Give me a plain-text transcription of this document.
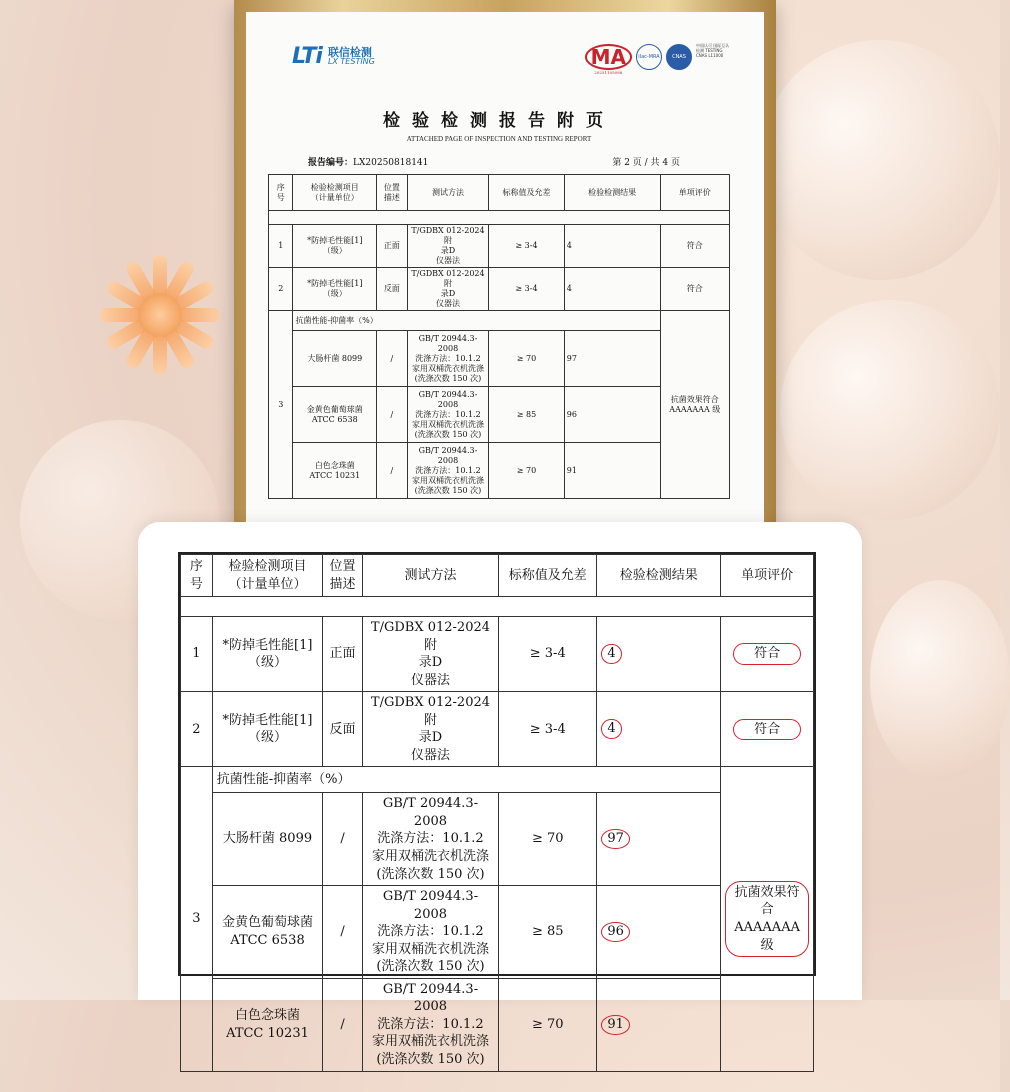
LTi 联信检测
LX TESTING	MA
20251105088
ilac-MRA	CNAS
中国认可 国际互认 检测 TESTING CNAS L11000
检验检测报告附页
ATTACHED PAGE OF INSPECTION AND TESTING REPORT
报告编号：LX20250818141	第 2 页 / 共 4 页
序
号	检验检测项目
（计量单位）	位置
描述	测试方法	标称值及允差	检验检测结果	单项评价

1	*防掉毛性能[1]
（级）	正面	T/GDBX 012-2024 附
录D
仪器法	≥ 3-4	4	符合
2	*防掉毛性能[1]
（级）	反面	T/GDBX 012-2024 附
录D
仪器法	≥ 3-4	4	符合
3	抗菌性能-抑菌率（%）					抗菌效果符合
AAAAAAA 级
	大肠杆菌 8099	/	GB/T 20944.3-2008
洗涤方法：10.1.2
家用双桶洗衣机洗涤
(洗涤次数 150 次)	≥ 70	97	
	金黄色葡萄球菌
ATCC 6538	/	GB/T 20944.3-2008
洗涤方法：10.1.2
家用双桶洗衣机洗涤
(洗涤次数 150 次)	≥ 85	96	
	白色念珠菌
ATCC 10231	/	GB/T 20944.3-2008
洗涤方法：10.1.2
家用双桶洗衣机洗涤
(洗涤次数 150 次)	≥ 70	91	
序
号	检验检测项目
（计量单位）	位置
描述	测试方法	标称值及允差	检验检测结果	单项评价

1	*防掉毛性能[1]
（级）	正面	T/GDBX 012-2024 附
录D
仪器法	≥ 3-4	4	符合
2	*防掉毛性能[1]
（级）	反面	T/GDBX 012-2024 附
录D
仪器法	≥ 3-4	4	符合
3	抗菌性能-抑菌率（%）					抗菌效果符合
AAAAAAA 级
	大肠杆菌 8099	/	GB/T 20944.3-2008
洗涤方法：10.1.2
家用双桶洗衣机洗涤
(洗涤次数 150 次)	≥ 70	97	
	金黄色葡萄球菌
ATCC 6538	/	GB/T 20944.3-2008
洗涤方法：10.1.2
家用双桶洗衣机洗涤
(洗涤次数 150 次)	≥ 85	96	
	白色念珠菌
ATCC 10231	/	GB/T 20944.3-2008
洗涤方法：10.1.2
家用双桶洗衣机洗涤
(洗涤次数 150 次)	≥ 70	91	
